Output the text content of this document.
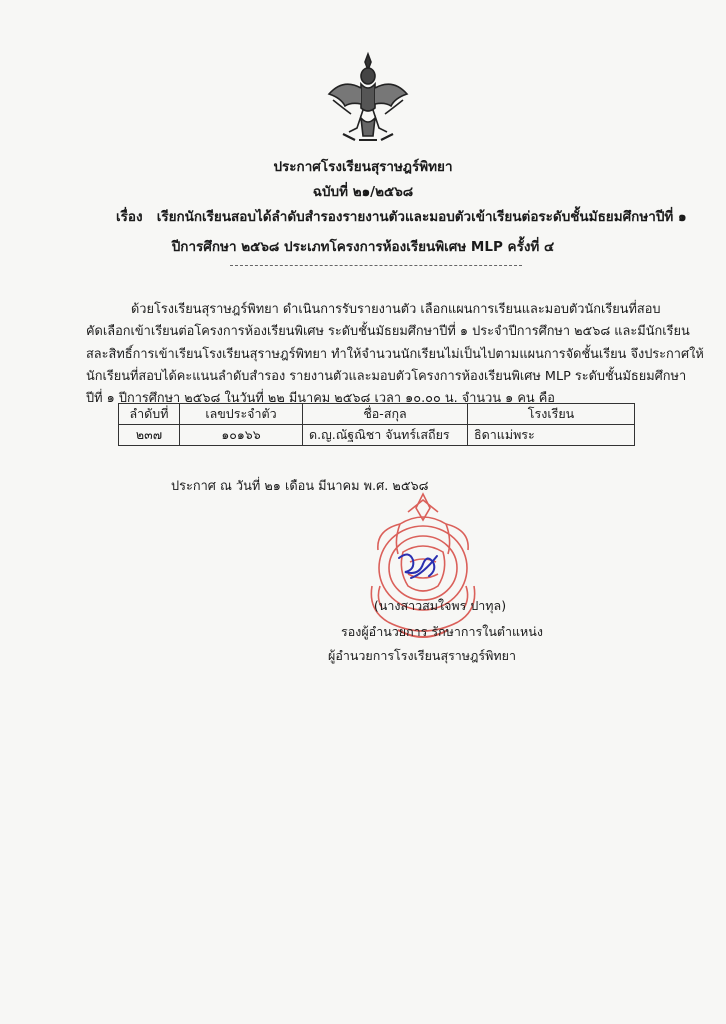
ประกาศโรงเรียนสุราษฎร์พิทยา
ฉบับที่ ๒๑/๒๕๖๘
เรื่อง เรียกนักเรียนสอบได้ลำดับสำรองรายงานตัวและมอบตัวเข้าเรียนต่อระดับชั้นมัธยมศึกษาปีที่ ๑
ปีการศึกษา ๒๕๖๘ ประเภทโครงการห้องเรียนพิเศษ MLP ครั้งที่ ๔
ด้วยโรงเรียนสุราษฎร์พิทยา ดำเนินการรับรายงานตัว เลือกแผนการเรียนและมอบตัวนักเรียนที่สอบ
คัดเลือกเข้าเรียนต่อโครงการห้องเรียนพิเศษ ระดับชั้นมัธยมศึกษาปีที่ ๑ ประจำปีการศึกษา ๒๕๖๘ และมีนักเรียน
สละสิทธิ์การเข้าเรียนโรงเรียนสุราษฎร์พิทยา ทำให้จำนวนนักเรียนไม่เป็นไปตามแผนการจัดชั้นเรียน จึงประกาศให้
นักเรียนที่สอบได้คะแนนลำดับสำรอง รายงานตัวและมอบตัวโครงการห้องเรียนพิเศษ MLP ระดับชั้นมัธยมศึกษา
ปีที่ ๑ ปีการศึกษา ๒๕๖๘ ในวันที่ ๒๒ มีนาคม ๒๕๖๘ เวลา ๑๐.๐๐ น. จำนวน ๑ คน คือ
ลำดับที่	เลขประจำตัว	ชื่อ-สกุล	โรงเรียน
๒๓๗	๑๐๑๖๖	ด.ญ.ณัฐณิชา จันทร์เสถียร	ธิดาแม่พระ
ประกาศ ณ วันที่ ๒๑ เดือน มีนาคม พ.ศ. ๒๕๖๘
(นางสาวสมใจพร ปาทุล)
รองผู้อำนวยการ รักษาการในตำแหน่ง
ผู้อำนวยการโรงเรียนสุราษฎร์พิทยา
